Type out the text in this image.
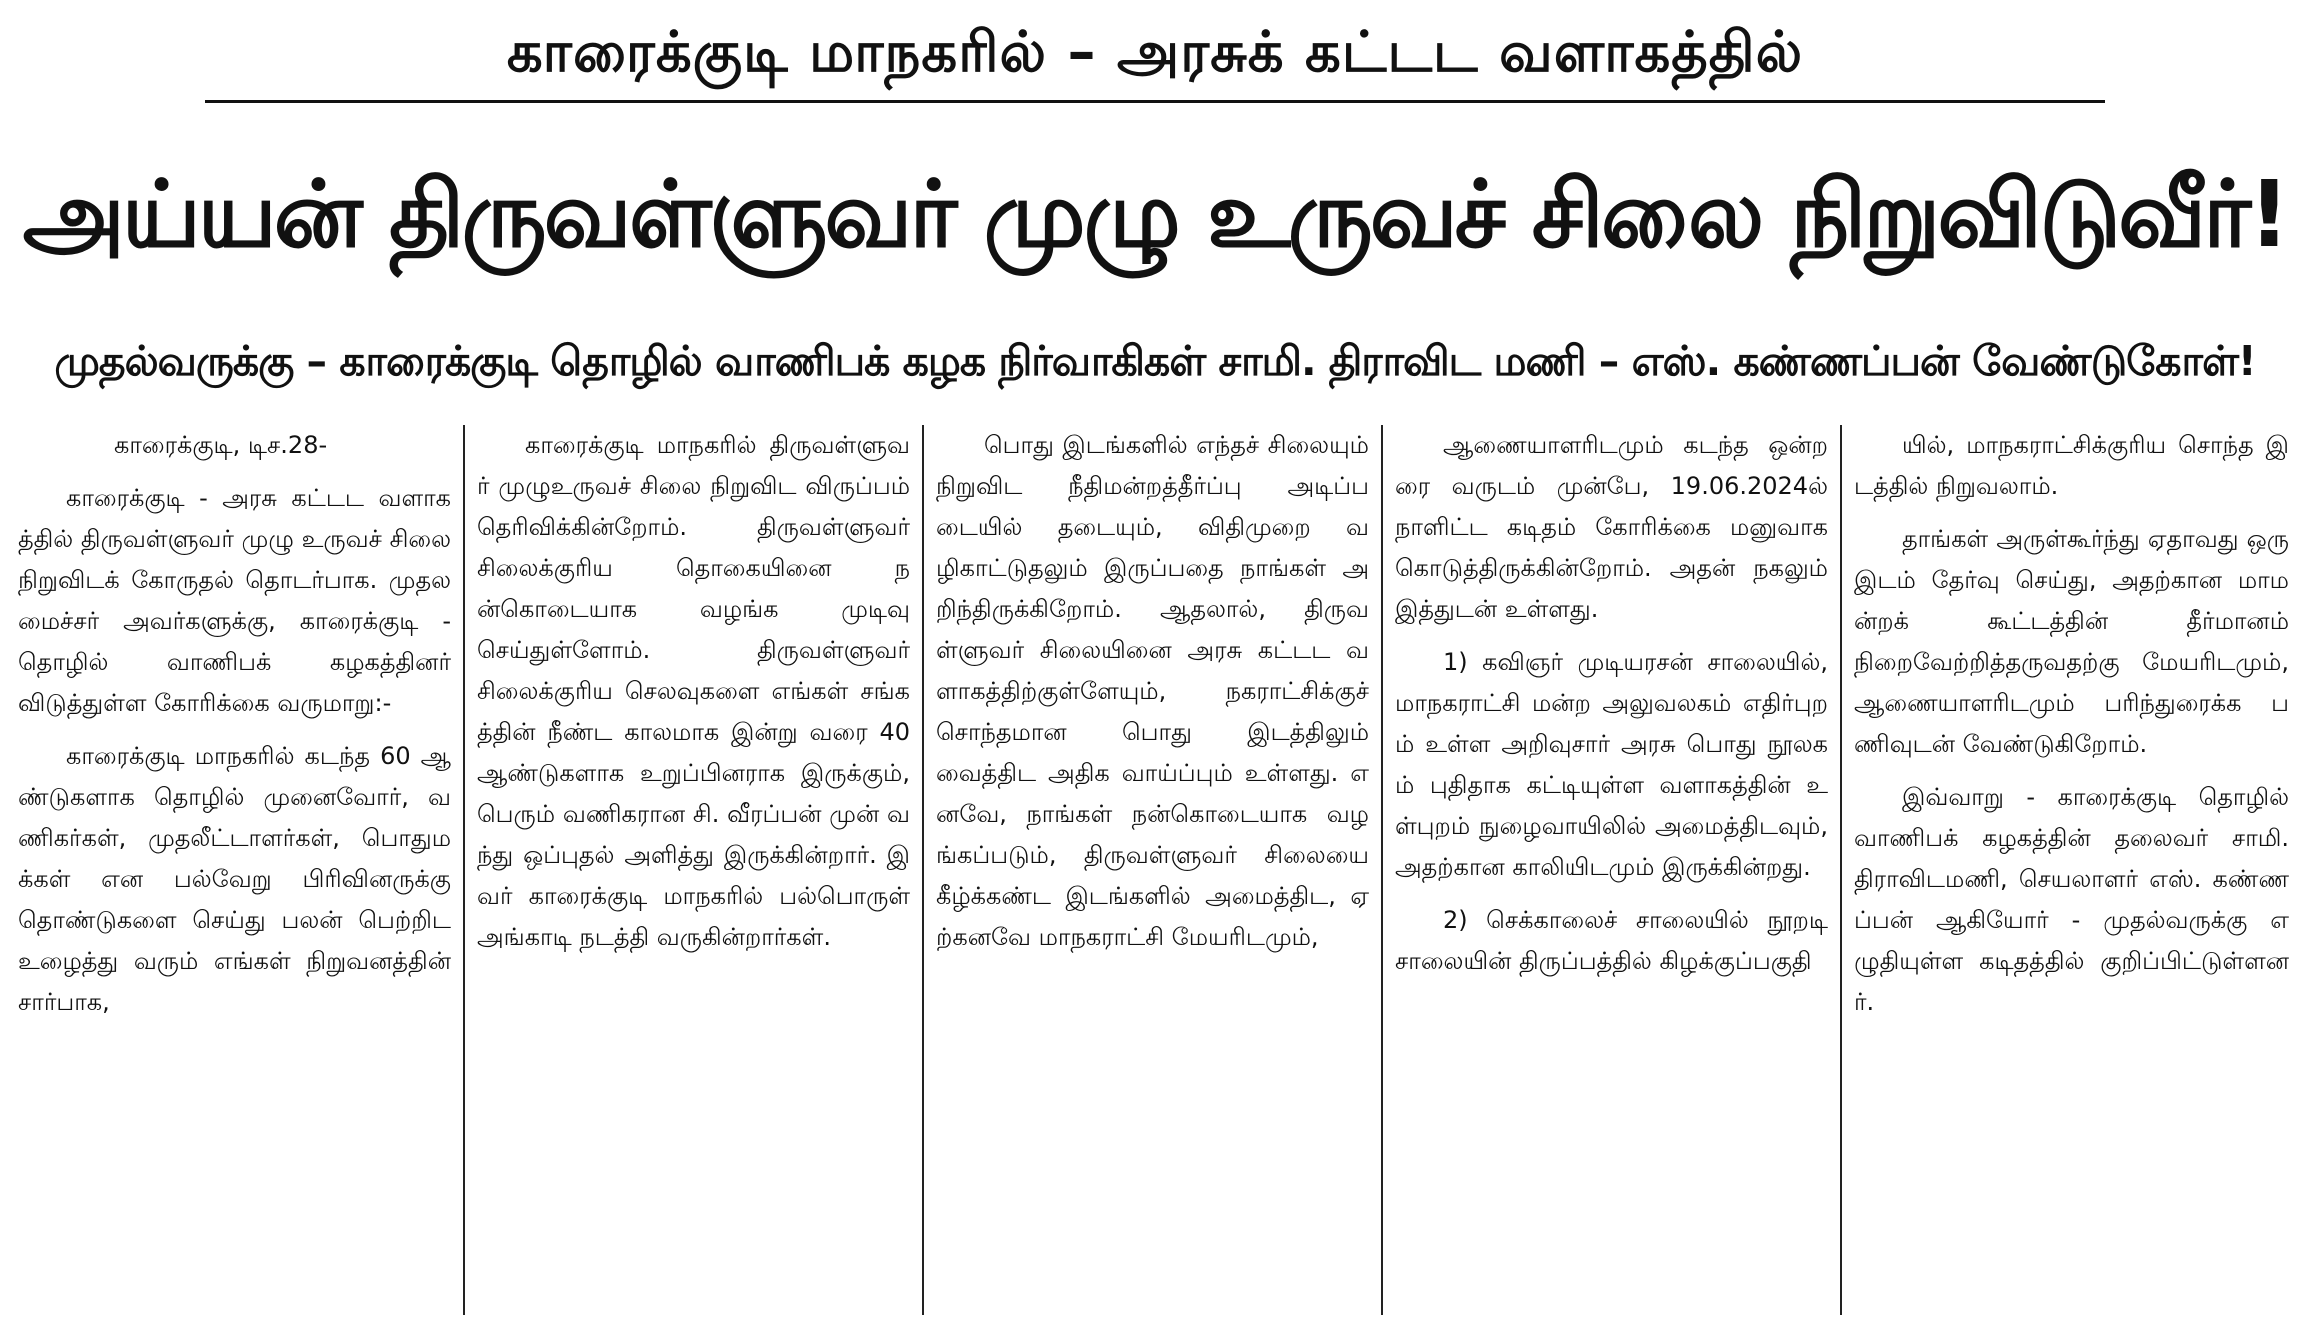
காரைக்குடி மாநகரில் – அரசுக் கட்டட வளாகத்தில்
அய்யன் திருவள்ளுவர் முழு உருவச் சிலை நிறுவிடுவீர்!
முதல்வருக்கு – காரைக்குடி தொழில் வாணிபக் கழக நிர்வாகிகள் சாமி. திராவிட மணி – எஸ். கண்ணப்பன் வேண்டுகோள்!

காரைக்குடி, டிச.28-

காரைக்குடி - அரசு கட்டட வளாகத்தில் திருவள்ளுவர் முழு உருவச் சிலை நிறுவிடக் கோருதல் தொடர்பாக. முதலமைச்சர் அவர்களுக்கு, காரைக்குடி - தொழில் வாணிபக் கழகத்தினர் விடுத்துள்ள கோரிக்கை வருமாறு:-

காரைக்குடி மாநகரில் கடந்த 60 ஆண்டுகளாக தொழில் முனைவோர், வணிகர்கள், முதலீட்டாளர்கள், பொதுமக்கள் என பல்வேறு பிரிவினருக்கு தொண்டுகளை செய்து பலன் பெற்றிட உழைத்து வரும் எங்கள் நிறுவனத்தின் சார்பாக,

காரைக்குடி மாநகரில் திருவள்ளுவர் முழுஉருவச் சிலை நிறுவிட விருப்பம் தெரிவிக்கின்றோம். திருவள்ளுவர் சிலைக்குரிய தொகையினை நன்கொடையாக வழங்க முடிவு செய்துள்ளோம். திருவள்ளுவர் சிலைக்குரிய செலவுகளை எங்கள் சங்கத்தின் நீண்ட காலமாக இன்று வரை 40 ஆண்டுகளாக உறுப்பினராக இருக்கும், பெரும் வணிகரான சி. வீரப்பன் முன் வந்து ஒப்புதல் அளித்து இருக்கின்றார். இவர் காரைக்குடி மாநகரில் பல்பொருள் அங்காடி நடத்தி வருகின்றார்கள்.

பொது இடங்களில் எந்தச் சிலையும் நிறுவிட நீதிமன்றத்தீர்ப்பு அடிப்படையில் தடையும், விதிமுறை வழிகாட்டுதலும் இருப்பதை நாங்கள் அறிந்திருக்கிறோம். ஆதலால், திருவள்ளுவர் சிலையினை அரசு கட்டட வளாகத்திற்குள்ளேயும், நகராட்சிக்குச் சொந்தமான பொது இடத்திலும் வைத்திட அதிக வாய்ப்பும் உள்ளது. எனவே, நாங்கள் நன்கொடையாக வழங்கப்படும், திருவள்ளுவர் சிலையை கீழ்க்கண்ட இடங்களில் அமைத்திட, ஏற்கனவே மாநகராட்சி மேயரிடமும்,

ஆணையாளரிடமும் கடந்த ஒன்றரை வருடம் முன்பே, 19.06.2024ல் நாளிட்ட கடிதம் கோரிக்கை மனுவாக கொடுத்திருக்கின்றோம். அதன் நகலும் இத்துடன் உள்ளது.

1) கவிஞர் முடியரசன் சாலையில், மாநகராட்சி மன்ற அலுவலகம் எதிர்புறம் உள்ள அறிவுசார் அரசு பொது நூலகம் புதிதாக கட்டியுள்ள வளாகத்தின் உள்புறம் நுழைவாயிலில் அமைத்திடவும், அதற்கான காலியிடமும் இருக்கின்றது.

2) செக்காலைச் சாலையில் நூறடி சாலையின் திருப்பத்தில் கிழக்குப்பகுதி

யில், மாநகராட்சிக்குரிய சொந்த இடத்தில் நிறுவலாம்.

தாங்கள் அருள்கூர்ந்து ஏதாவது ஒரு இடம் தேர்வு செய்து, அதற்கான மாமன்றக் கூட்டத்தின் தீர்மானம் நிறைவேற்றித்தருவதற்கு மேயரிடமும், ஆணையாளரிடமும் பரிந்துரைக்க பணிவுடன் வேண்டுகிறோம்.

இவ்வாறு - காரைக்குடி தொழில் வாணிபக் கழகத்தின் தலைவர் சாமி. திராவிடமணி, செயலாளர் எஸ். கண்ணப்பன் ஆகியோர் - முதல்வருக்கு எழுதியுள்ள கடிதத்தில் குறிப்பிட்டுள்ளனர்.
